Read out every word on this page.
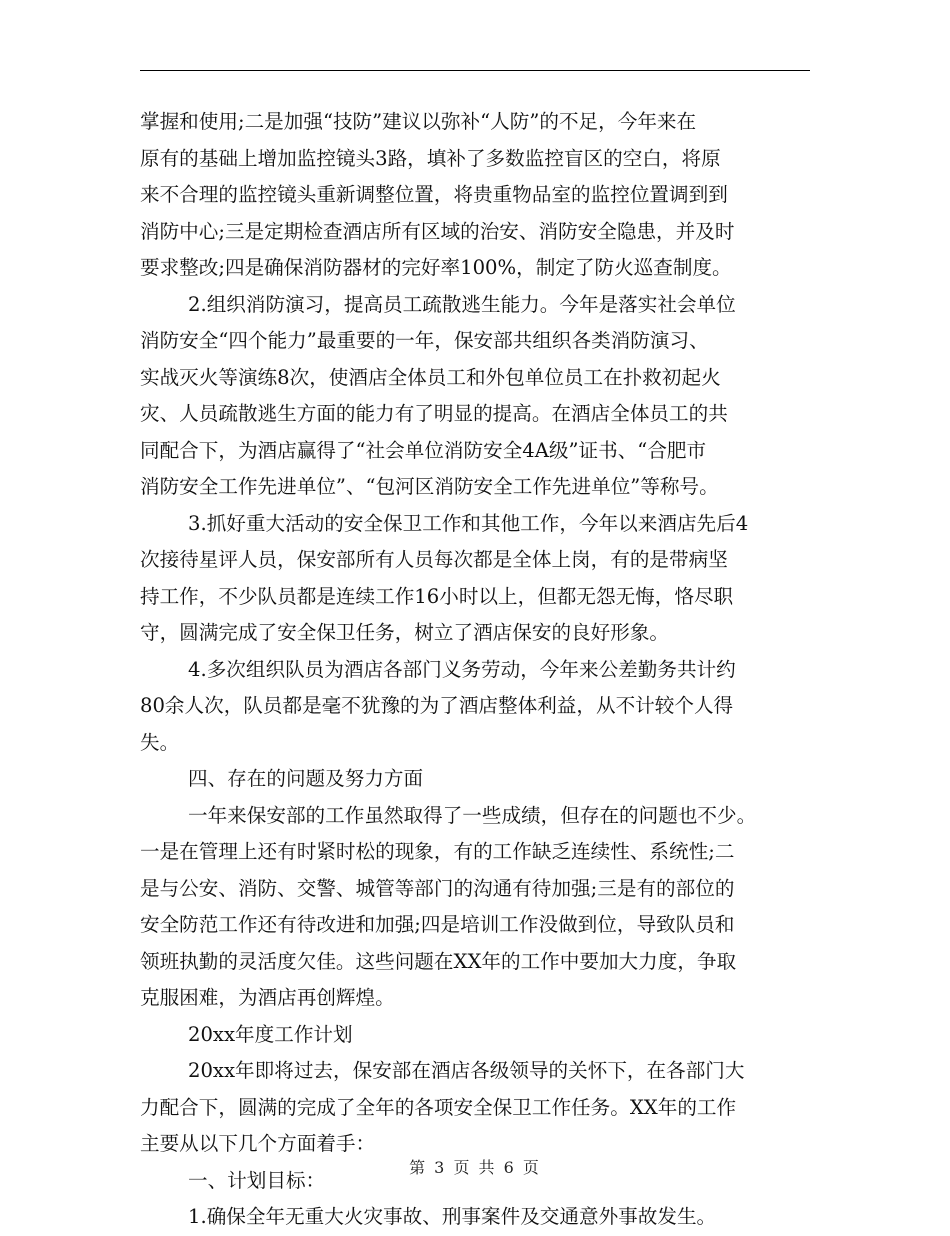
掌握和使用;二是加强“技防”建议以弥补“人防”的不足，今年来在
原有的基础上增加监控镜头3路，填补了多数监控盲区的空白，将原
来不合理的监控镜头重新调整位置，将贵重物品室的监控位置调到到
消防中心;三是定期检查酒店所有区域的治安、消防安全隐患，并及时
要求整改;四是确保消防器材的完好率100%，制定了防火巡查制度。
2.组织消防演习，提高员工疏散逃生能力。今年是落实社会单位
消防安全“四个能力”最重要的一年，保安部共组织各类消防演习、
实战灭火等演练8次，使酒店全体员工和外包单位员工在扑救初起火
灾、人员疏散逃生方面的能力有了明显的提高。在酒店全体员工的共
同配合下，为酒店赢得了“社会单位消防安全4A级”证书、“合肥市
消防安全工作先进单位”、“包河区消防安全工作先进单位”等称号。
3.抓好重大活动的安全保卫工作和其他工作，今年以来酒店先后4
次接待星评人员，保安部所有人员每次都是全体上岗，有的是带病坚
持工作，不少队员都是连续工作16小时以上，但都无怨无悔，恪尽职
守，圆满完成了安全保卫任务，树立了酒店保安的良好形象。
4.多次组织队员为酒店各部门义务劳动，今年来公差勤务共计约
80余人次，队员都是毫不犹豫的为了酒店整体利益，从不计较个人得
失。
四、存在的问题及努力方面
一年来保安部的工作虽然取得了一些成绩，但存在的问题也不少。
一是在管理上还有时紧时松的现象，有的工作缺乏连续性、系统性;二
是与公安、消防、交警、城管等部门的沟通有待加强;三是有的部位的
安全防范工作还有待改进和加强;四是培训工作没做到位，导致队员和
领班执勤的灵活度欠佳。这些问题在XX年的工作中要加大力度，争取
克服困难，为酒店再创辉煌。
20xx年度工作计划
20xx年即将过去，保安部在酒店各级领导的关怀下，在各部门大
力配合下，圆满的完成了全年的各项安全保卫工作任务。XX年的工作
主要从以下几个方面着手：
一、计划目标：
1.确保全年无重大火灾事故、刑事案件及交通意外事故发生。
第 3 页 共 6 页
